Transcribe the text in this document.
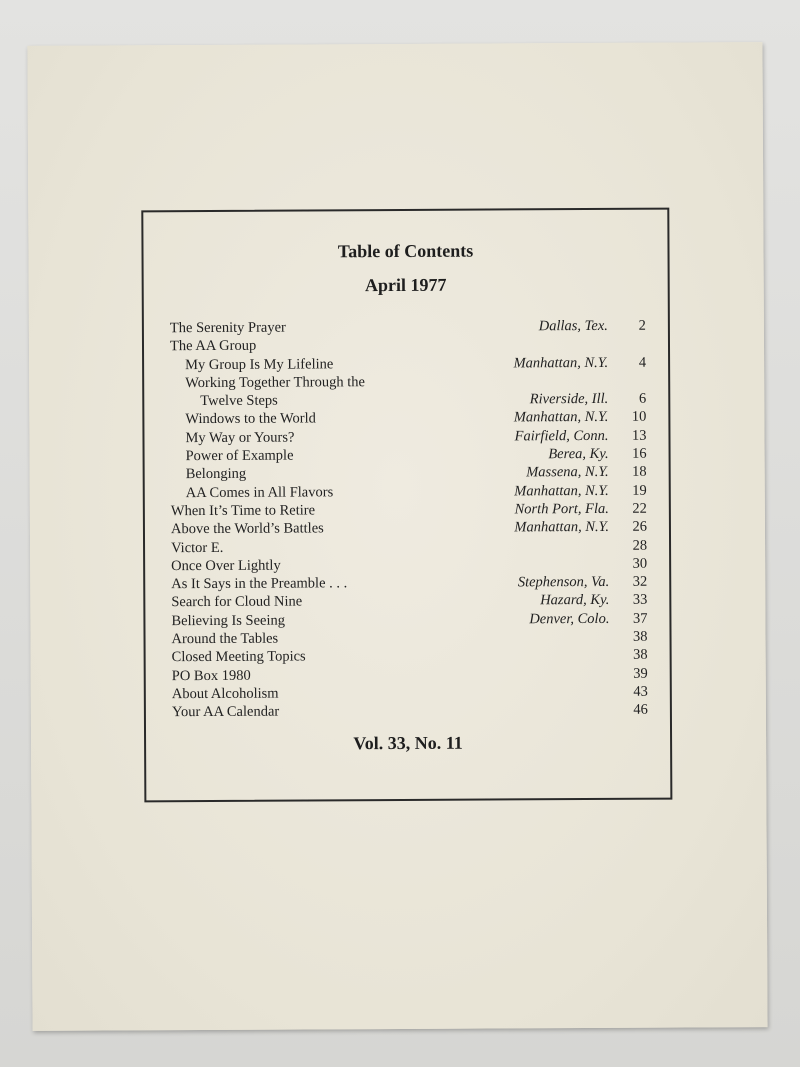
Table of Contents
April 1977
The Serenity Prayer	Dallas, Tex.	2
The AA Group
My Group Is My Lifeline	Manhattan, N.Y.	4
Working Together Through the
Twelve Steps	Riverside, Ill.	6
Windows to the World	Manhattan, N.Y.	10
My Way or Yours?	Fairfield, Conn.	13
Power of Example	Berea, Ky.	16
Belonging	Massena, N.Y.	18
AA Comes in All Flavors	Manhattan, N.Y.	19
When It’s Time to Retire	North Port, Fla.	22
Above the World’s Battles	Manhattan, N.Y.	26
Victor E.	28
Once Over Lightly	30
As It Says in the Preamble . . .	Stephenson, Va.	32
Search for Cloud Nine	Hazard, Ky.	33
Believing Is Seeing	Denver, Colo.	37
Around the Tables	38
Closed Meeting Topics	38
PO Box 1980	39
About Alcoholism	43
Your AA Calendar	46
Vol. 33, No. 11
